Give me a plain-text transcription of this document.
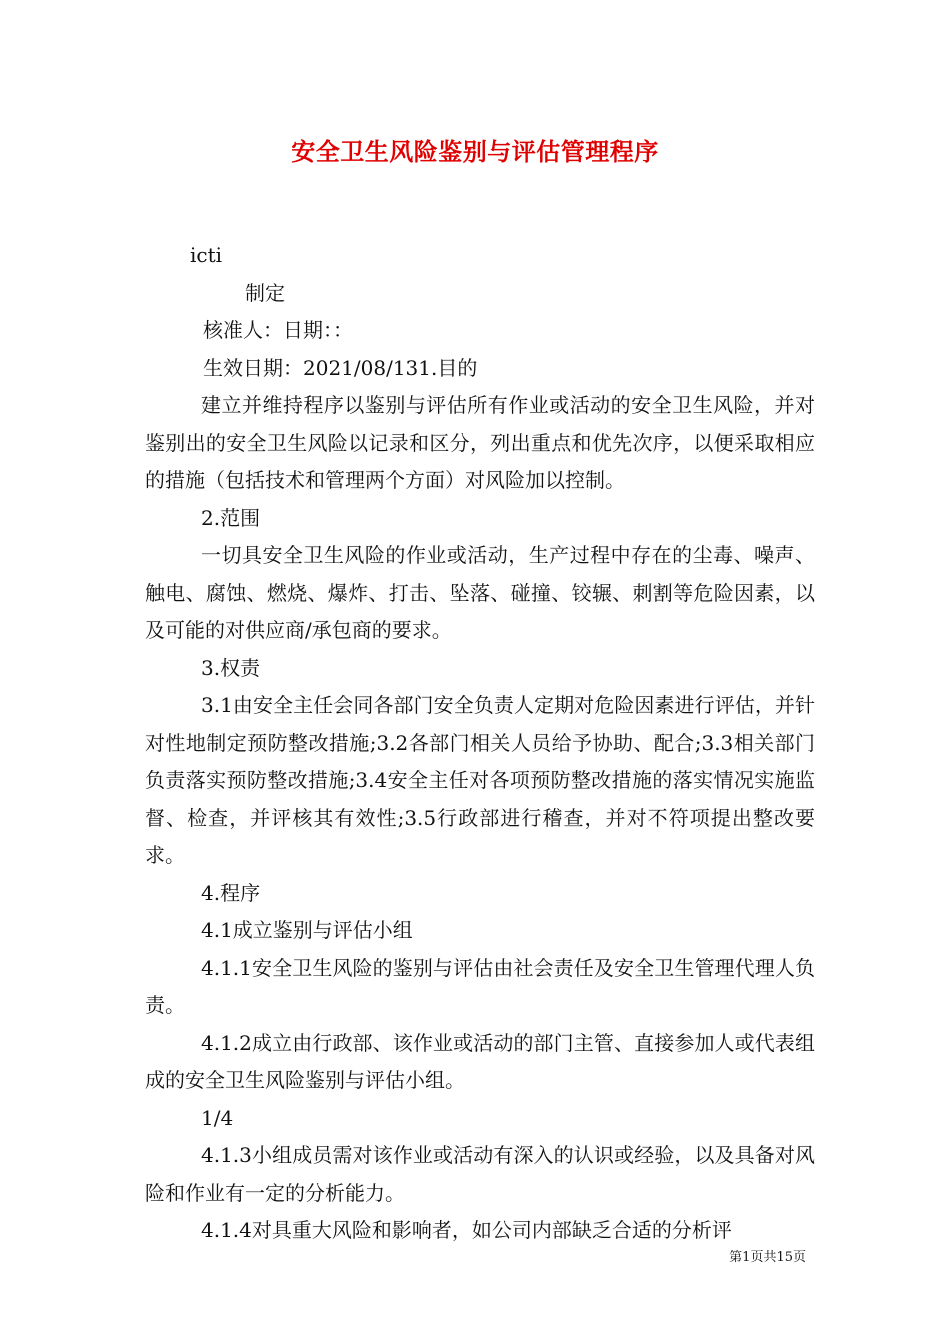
安全卫生风险鉴别与评估管理程序

icti

制定

核准人：日期：：

生效日期：2021/08/131.目的

建立并维持程序以鉴别与评估所有作业或活动的安全卫生风险，并对鉴别出的安全卫生风险以记录和区分，列出重点和优先次序，以便采取相应的措施（包括技术和管理两个方面）对风险加以控制。

2.范围

一切具安全卫生风险的作业或活动，生产过程中存在的尘毒、噪声、触电、腐蚀、燃烧、爆炸、打击、坠落、碰撞、铰辗、刺割等危险因素，以及可能的对供应商/承包商的要求。

3.权责

3.1由安全主任会同各部门安全负责人定期对危险因素进行评估，并针对性地制定预防整改措施;3.2各部门相关人员给予协助、配合;3.3相关部门负责落实预防整改措施;3.4安全主任对各项预防整改措施的落实情况实施监督、检查，并评核其有效性;3.5行政部进行稽查，并对不符项提出整改要求。

4.程序

4.1成立鉴别与评估小组

4.1.1安全卫生风险的鉴别与评估由社会责任及安全卫生管理代理人负责。

4.1.2成立由行政部、该作业或活动的部门主管、直接参加人或代表组成的安全卫生风险鉴别与评估小组。

1/4

4.1.3小组成员需对该作业或活动有深入的认识或经验，以及具备对风险和作业有一定的分析能力。

4.1.4对具重大风险和影响者，如公司内部缺乏合适的分析评

第1页共15页
